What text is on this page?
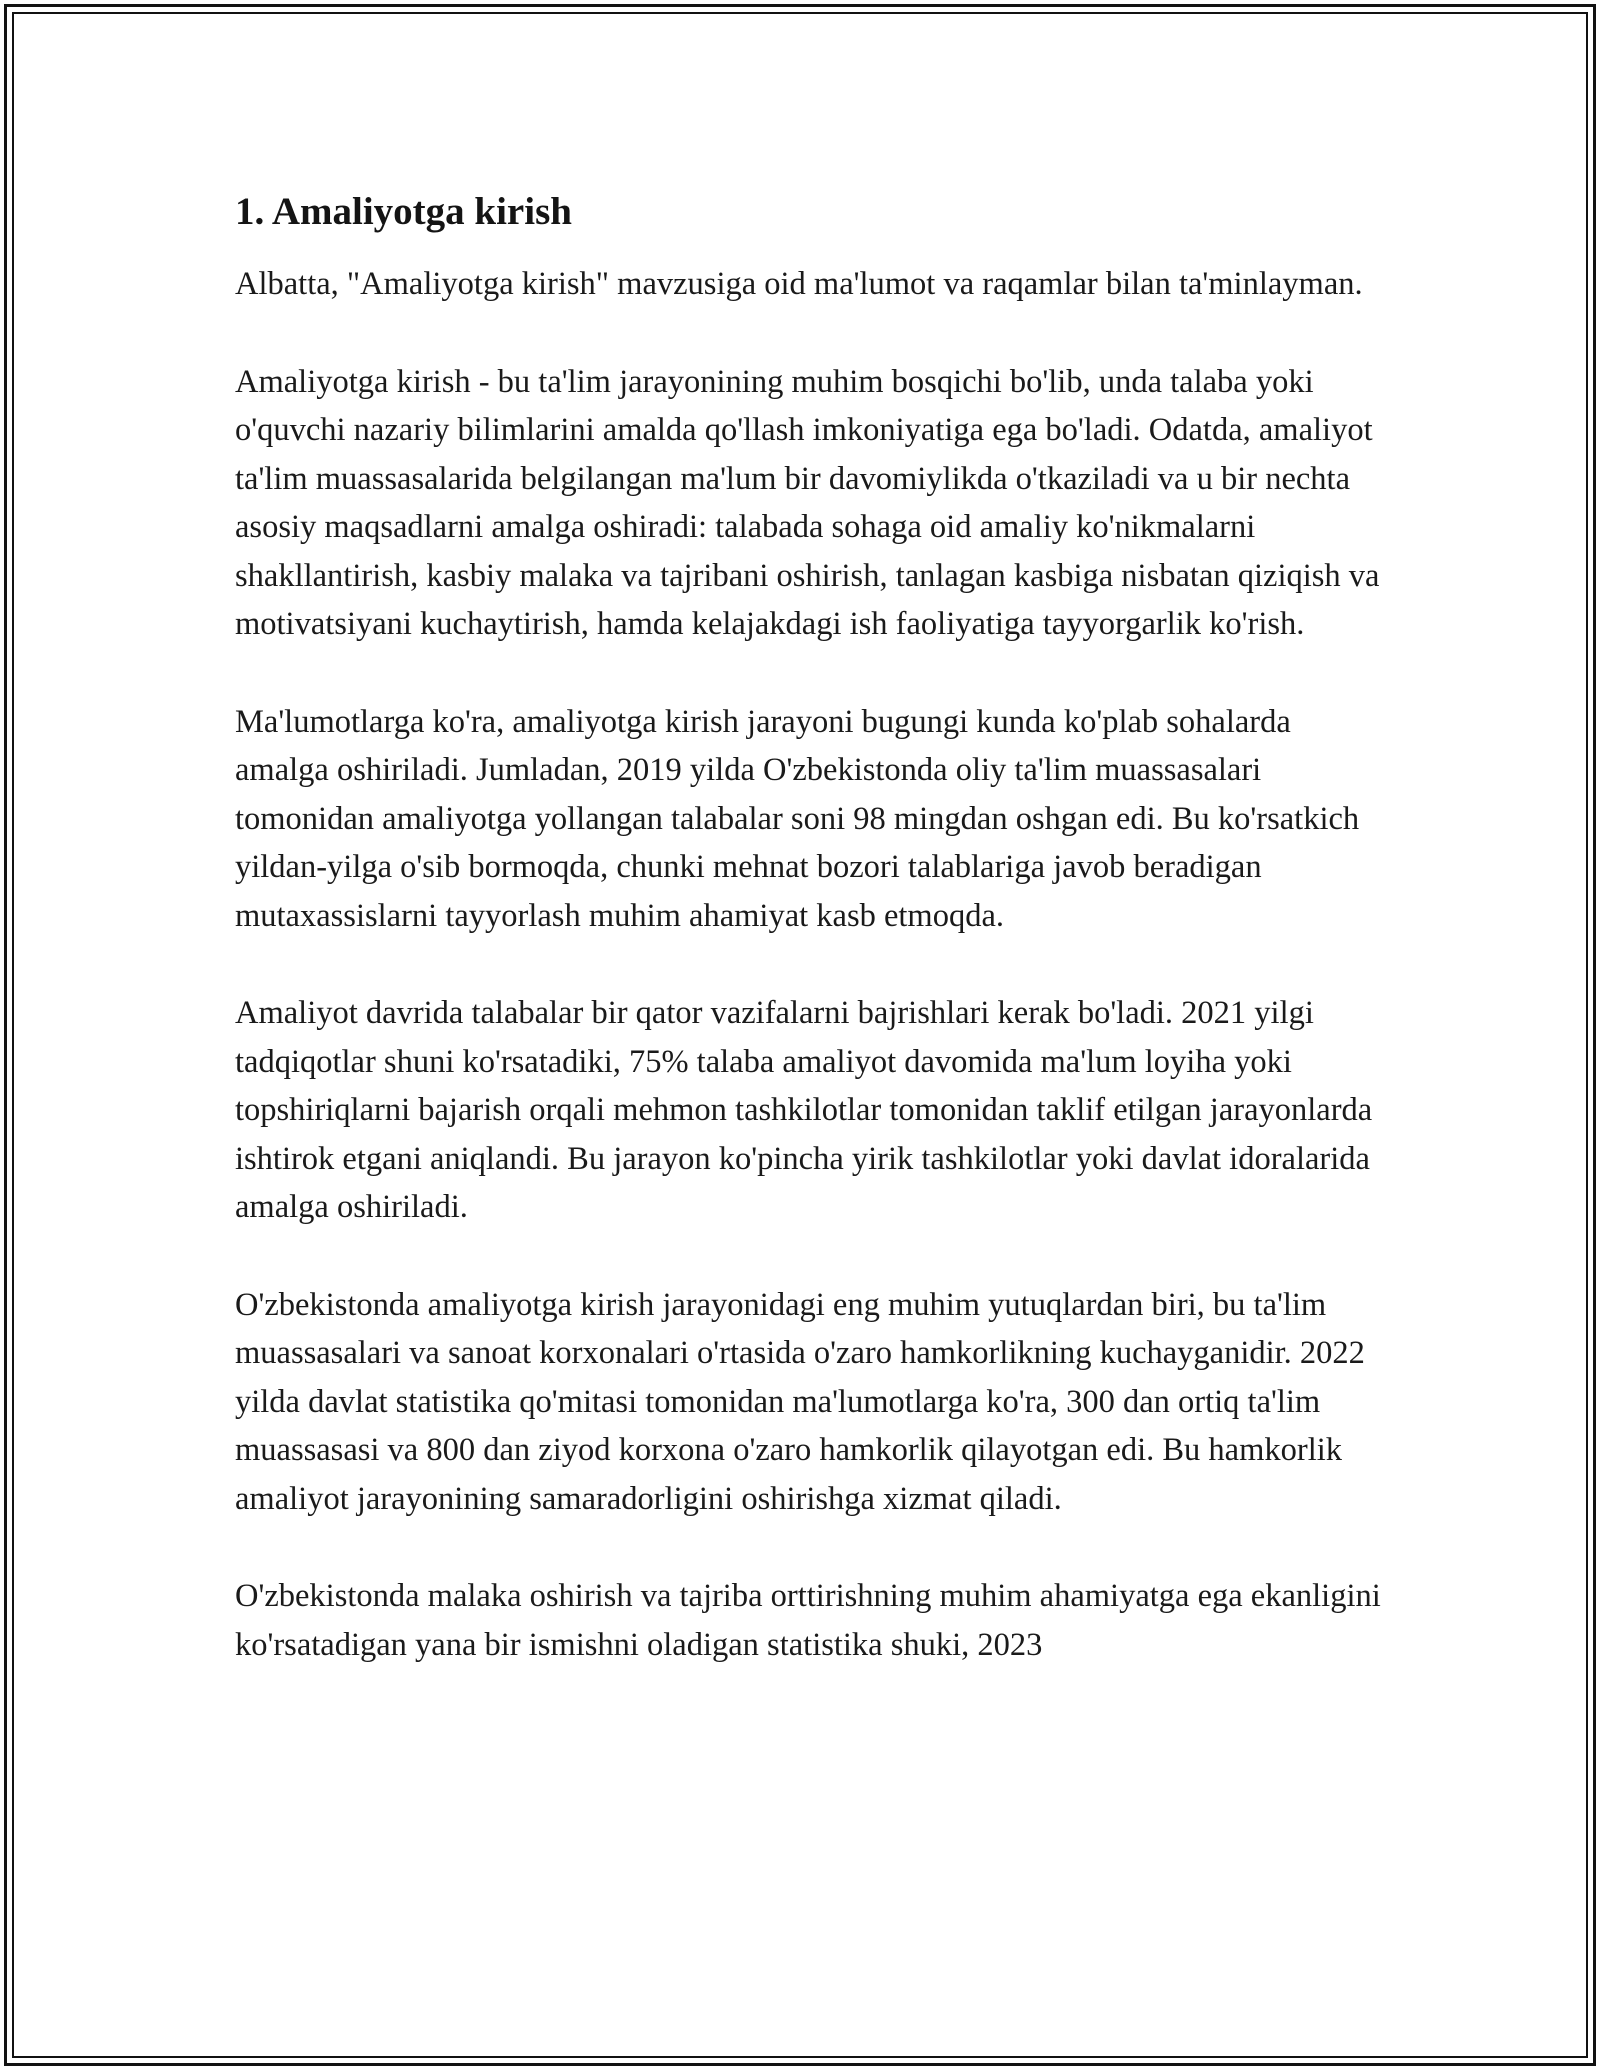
1. Amaliyotga kirish

Albatta, "Amaliyotga kirish" mavzusiga oid ma'lumot va raqamlar bilan ta'minlayman.

Amaliyotga kirish - bu ta'lim jarayonining muhim bosqichi bo'lib, unda talaba yoki o'quvchi nazariy bilimlarini amalda qo'llash imkoniyatiga ega bo'ladi. Odatda, amaliyot ta'lim muassasalarida belgilangan ma'lum bir davomiylikda o'tkaziladi va u bir nechta asosiy maqsadlarni amalga oshiradi: talabada sohaga oid amaliy ko'nikmalarni shakllantirish, kasbiy malaka va tajribani oshirish, tanlagan kasbiga nisbatan qiziqish va motivatsiyani kuchaytirish, hamda kelajakdagi ish faoliyatiga tayyorgarlik ko'rish.

Ma'lumotlarga ko'ra, amaliyotga kirish jarayoni bugungi kunda ko'plab sohalarda amalga oshiriladi. Jumladan, 2019 yilda O'zbekistonda oliy ta'lim muassasalari tomonidan amaliyotga yollangan talabalar soni 98 mingdan oshgan edi. Bu ko'rsatkich yildan-yilga o'sib bormoqda, chunki mehnat bozori talablariga javob beradigan mutaxassislarni tayyorlash muhim ahamiyat kasb etmoqda.

Amaliyot davrida talabalar bir qator vazifalarni bajrishlari kerak bo'ladi. 2021 yilgi tadqiqotlar shuni ko'rsatadiki, 75% talaba amaliyot davomida ma'lum loyiha yoki topshiriqlarni bajarish orqali mehmon tashkilotlar tomonidan taklif etilgan jarayonlarda ishtirok etgani aniqlandi. Bu jarayon ko'pincha yirik tashkilotlar yoki davlat idoralarida amalga oshiriladi.

O'zbekistonda amaliyotga kirish jarayonidagi eng muhim yutuqlardan biri, bu ta'lim muassasalari va sanoat korxonalari o'rtasida o'zaro hamkorlikning kuchayganidir. 2022 yilda davlat statistika qo'mitasi tomonidan ma'lumotlarga ko'ra, 300 dan ortiq ta'lim muassasasi va 800 dan ziyod korxona o'zaro hamkorlik qilayotgan edi. Bu hamkorlik amaliyot jarayonining samaradorligini oshirishga xizmat qiladi.

O'zbekistonda malaka oshirish va tajriba orttirishning muhim ahamiyatga ega ekanligini ko'rsatadigan yana bir ismishni oladigan statistika shuki, 2023
